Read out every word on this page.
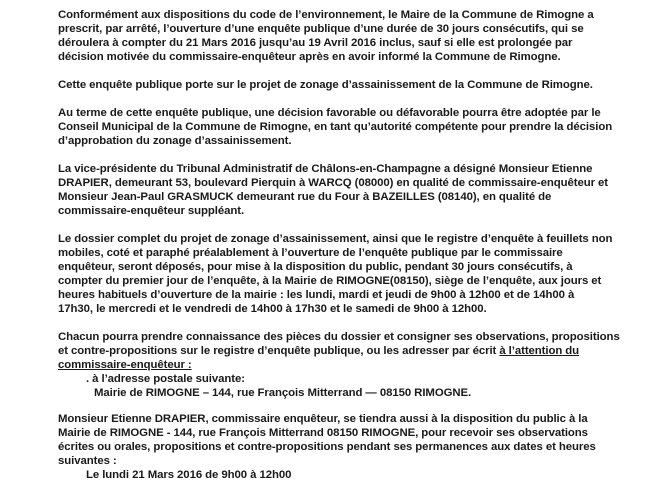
Conformément aux dispositions du code de l’environnement, le Maire de la Commune de Rimogne a
prescrit, par arrêté, l’ouverture d’une enquête publique d’une durée de 30 jours consécutifs, qui se
déroulera à compter du 21 Mars 2016 jusqu’au 19 Avril 2016 inclus, sauf si elle est prolongée par
décision motivée du commissaire-enquêteur après en avoir informé la Commune de Rimogne.
Cette enquête publique porte sur le projet de zonage d’assainissement de la Commune de Rimogne.
Au terme de cette enquête publique, une décision favorable ou défavorable pourra être adoptée par le
Conseil Municipal de la Commune de Rimogne, en tant qu’autorité compétente pour prendre la décision
d’approbation du zonage d’assainissement.
La vice-présidente du Tribunal Administratif de Châlons-en-Champagne a désigné Monsieur Etienne
DRAPIER, demeurant 53, boulevard Pierquin à WARCQ (08000) en qualité de commissaire-enquêteur et
Monsieur Jean-Paul GRASMUCK demeurant rue du Four à BAZEILLES (08140), en qualité de
commissaire-enquêteur suppléant.
Le dossier complet du projet de zonage d’assainissement, ainsi que le registre d’enquête à feuillets non
mobiles, coté et paraphé préalablement à l’ouverture de l’enquête publique par le commissaire
enquêteur, seront déposés, pour mise à la disposition du public, pendant 30 jours consécutifs, à
compter du premier jour de l’enquête, à la Mairie de RIMOGNE(08150), siège de l’enquête, aux jours et
heures habituels d’ouverture de la mairie : les lundi, mardi et jeudi de 9h00 à 12h00 et de 14h00 à
17h30, le mercredi et le vendredi de 14h00 à 17h30 et le samedi de 9h00 à 12h00.
Chacun pourra prendre connaissance des pièces du dossier et consigner ses observations, propositions
et contre-propositions sur le registre d’enquête publique, ou les adresser par écrit à l’attention du
commissaire-enquêteur :
. à l’adresse postale suivante:
Mairie de RIMOGNE – 144, rue François Mitterrand — 08150 RIMOGNE.
Monsieur Etienne DRAPIER, commissaire enquêteur, se tiendra aussi à la disposition du public à la
Mairie de RIMOGNE - 144, rue François Mitterrand 08150 RIMOGNE, pour recevoir ses observations
écrites ou orales, propositions et contre-propositions pendant ses permanences aux dates et heures
suivantes :
Le lundi 21 Mars 2016 de 9h00 à 12h00
